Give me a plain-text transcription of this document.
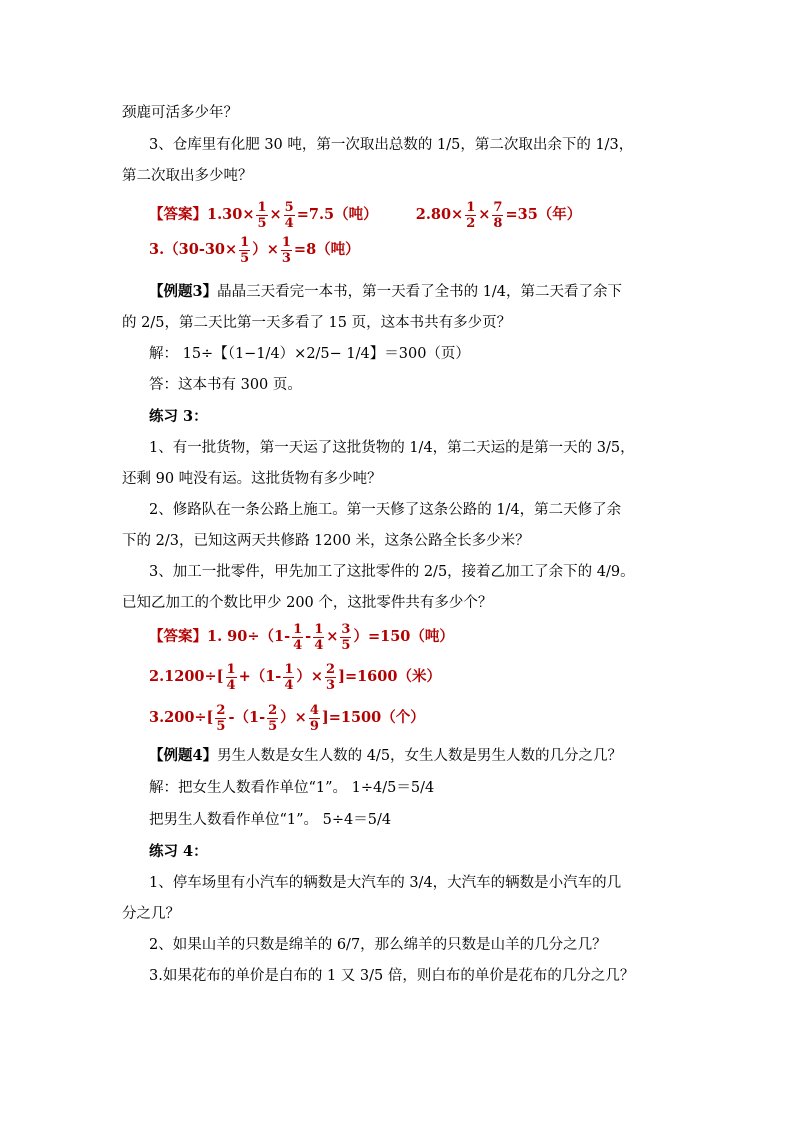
颈鹿可活多少年？
3、仓库里有化肥 30 吨，第一次取出总数的 1/5，第二次取出余下的 1/3，
第二次取出多少吨？
【答案】$1.30\times \frac{1}{5} \times \frac{5}{4} =7.5$（吨）	$2.80\times \frac{1}{2} \times \frac{7}{8} =35$（年）
$3.(30-30\times \frac{1}{5}$ ）× $\frac{1}{3} =8$（吨）
【例题3】晶晶三天看完一本书，第一天看了全书的 1/4，第二天看了余下
的 2/5，第二天比第一天多看了 15 页，这本书共有多少页？
解： 15÷【（1−1/4）×2/5− 1/4】＝300（页）
答：这本书有 300 页。
练习 3：
1、有一批货物，第一天运了这批货物的 1/4，第二天运的是第一天的 3/5，
还剩 90 吨没有运。这批货物有多少吨？
2、修路队在一条公路上施工。第一天修了这条公路的 1/4，第二天修了余
下的 2/3，已知这两天共修路 1200 米，这条公路全长多少米？
3、加工一批零件，甲先加工了这批零件的 2/5，接着乙加工了余下的 4/9。
已知乙加工的个数比甲少 200 个，这批零件共有多少个？
【答案】1. $90\div(1- \frac{1}{4} - \frac{1}{4} \times \frac{3}{5} )=150$（吨）
$2.1200\div[ \frac{1}{4} +(1- \frac{1}{4}$ ）× $\frac{2}{3} ]=1600$（米）
$3.200\div[ \frac{2}{5} -(1- \frac{2}{5}$ ）× $\frac{4}{9} ]=1500$（个）
【例题4】男生人数是女生人数的 4/5，女生人数是男生人数的几分之几？
解：把女生人数看作单位“1”。 1÷4/5＝5/4
把男生人数看作单位“1”。 5÷4＝5/4
练习 4：
1、停车场里有小汽车的辆数是大汽车的 3/4，大汽车的辆数是小汽车的几
分之几？
2、如果山羊的只数是绵羊的 6/7，那么绵羊的只数是山羊的几分之几？
3.如果花布的单价是白布的 1 又 3/5 倍，则白布的单价是花布的几分之几？
